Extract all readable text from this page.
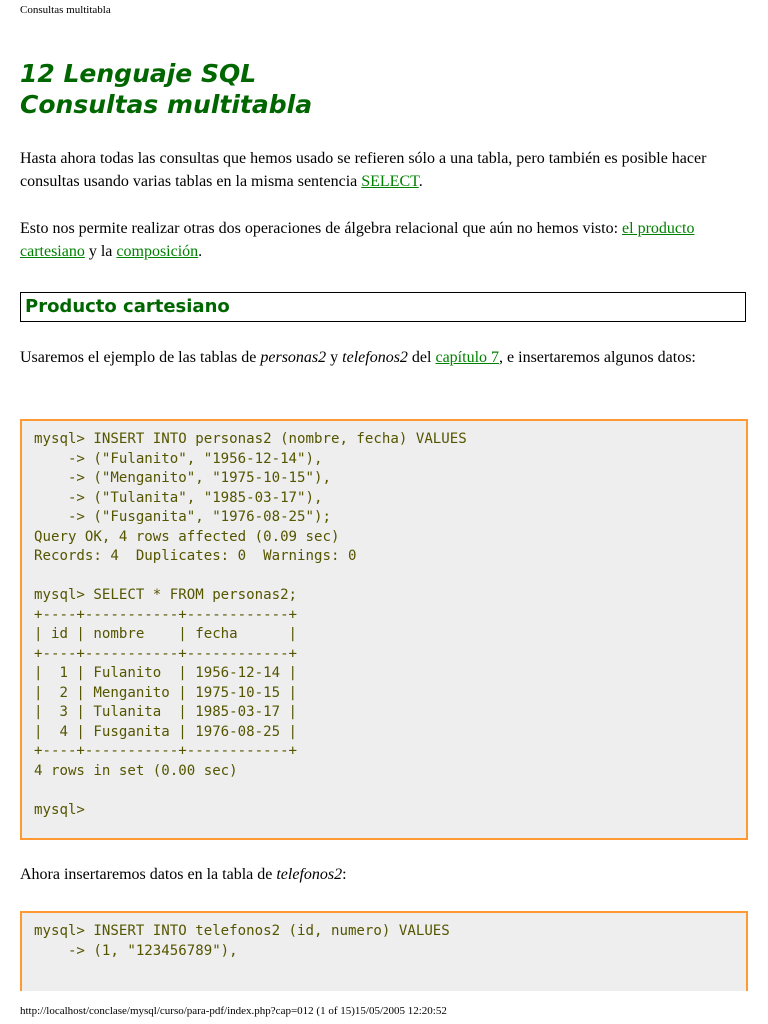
Consultas multitabla
12 Lenguaje SQL
Consultas multitabla

Hasta ahora todas las consultas que hemos usado se refieren sólo a una tabla, pero también es posible hacer consultas usando varias tablas en la misma sentencia SELECT.

Esto nos permite realizar otras dos operaciones de álgebra relacional que aún no hemos visto: el producto cartesiano y la composición.

Producto cartesiano

Usaremos el ejemplo de las tablas de personas2 y telefonos2 del capítulo 7, e insertaremos algunos datos:

mysql> INSERT INTO personas2 (nombre, fecha) VALUES
-> ("Fulanito", "1956-12-14"),
-> ("Menganito", "1975-10-15"),
-> ("Tulanita", "1985-03-17"),
-> ("Fusganita", "1976-08-25");
Query OK, 4 rows affected (0.09 sec)
Records: 4  Duplicates: 0  Warnings: 0

mysql> SELECT * FROM personas2;
+----+-----------+------------+
| id | nombre    | fecha      |
+----+-----------+------------+
|  1 | Fulanito  | 1956-12-14 |
|  2 | Menganito | 1975-10-15 |
|  3 | Tulanita  | 1985-03-17 |
|  4 | Fusganita | 1976-08-25 |
+----+-----------+------------+
4 rows in set (0.00 sec)

mysql>

Ahora insertaremos datos en la tabla de telefonos2:

mysql> INSERT INTO telefonos2 (id, numero) VALUES
-> (1, "123456789"),
http://localhost/conclase/mysql/curso/para-pdf/index.php?cap=012 (1 of 15)15/05/2005 12:20:52
